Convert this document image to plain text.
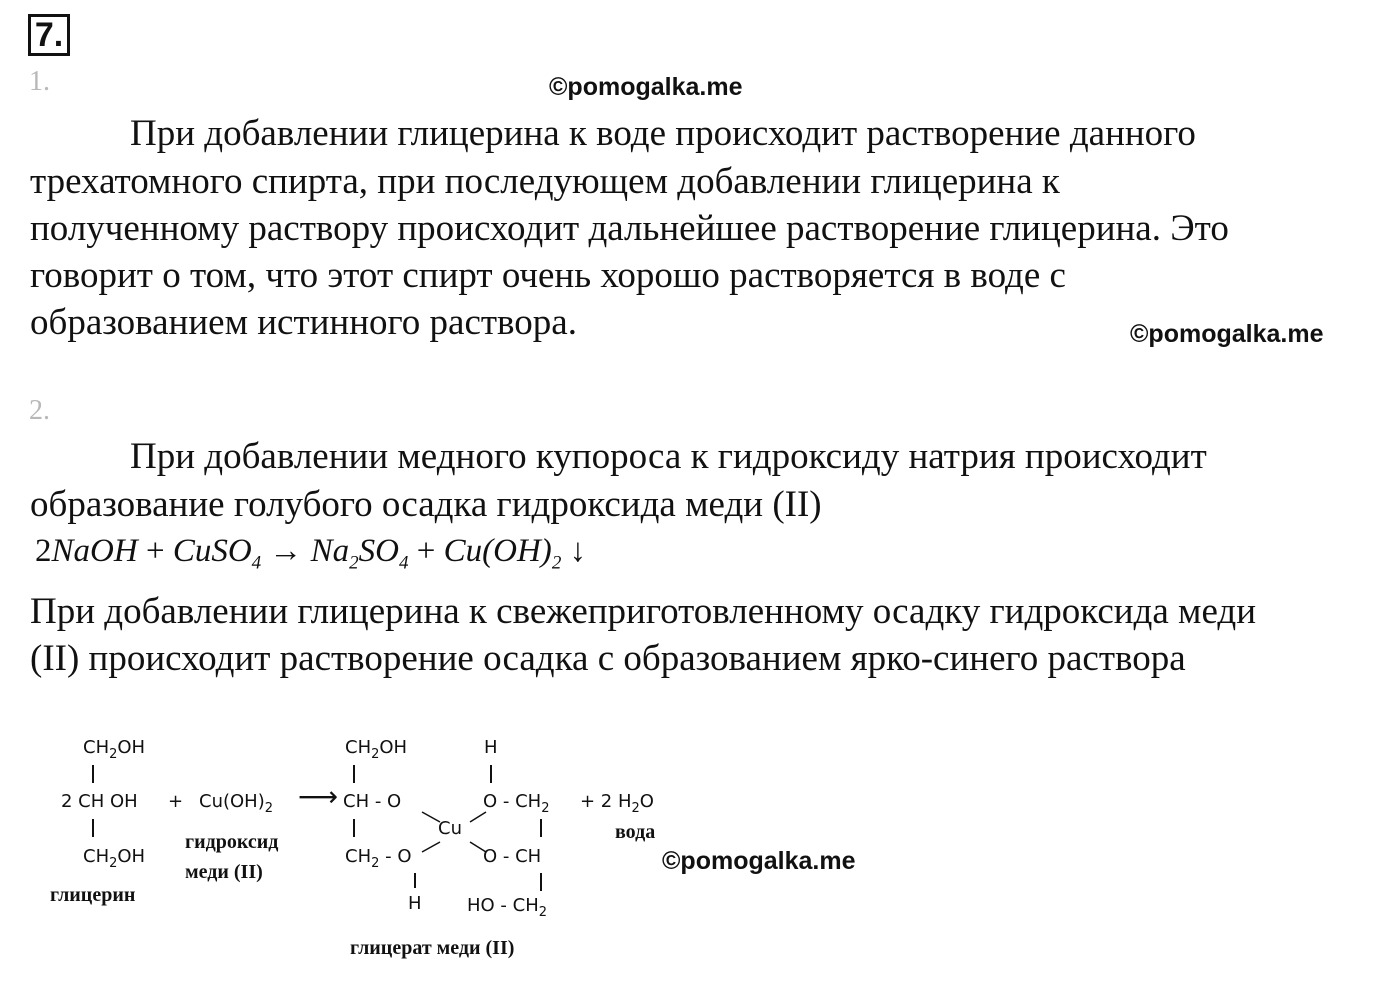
7.
1.	©pomogalka.me
При добавлении глицерина к воде происходит растворение данного
трехатомного спирта, при последующем добавлении глицерина к
полученному раствору происходит дальнейшее растворение глицерина. Это
говорит о том, что этот спирт очень хорошо растворяется в воде с
образованием истинного раствора.	©pomogalka.me
2.
При добавлении медного купороса к гидроксиду натрия происходит
образование голубого осадка гидроксида меди (II)
2NaOH + CuSO$_4$ → $Na_2SO_4 + Cu(OH)_2$ ↓
При добавлении глицерина к свежеприготовленному осадку гидроксида меди
(II) происходит растворение осадка с образованием ярко-синего раствора
$CH_2OH$
2 CH OH
$CH_2OH$
глицерин
+ $Cu(OH)_2$
гидроксид
меди (II)
⟶
$CH_2OH$
CH - O
$CH_2$ - O
H
Cu
H
O - $CH_2$
O - CH
HO - $CH_2$
+ 2 $H_2O$
вода
глицерат меди (II)
©pomogalka.me
